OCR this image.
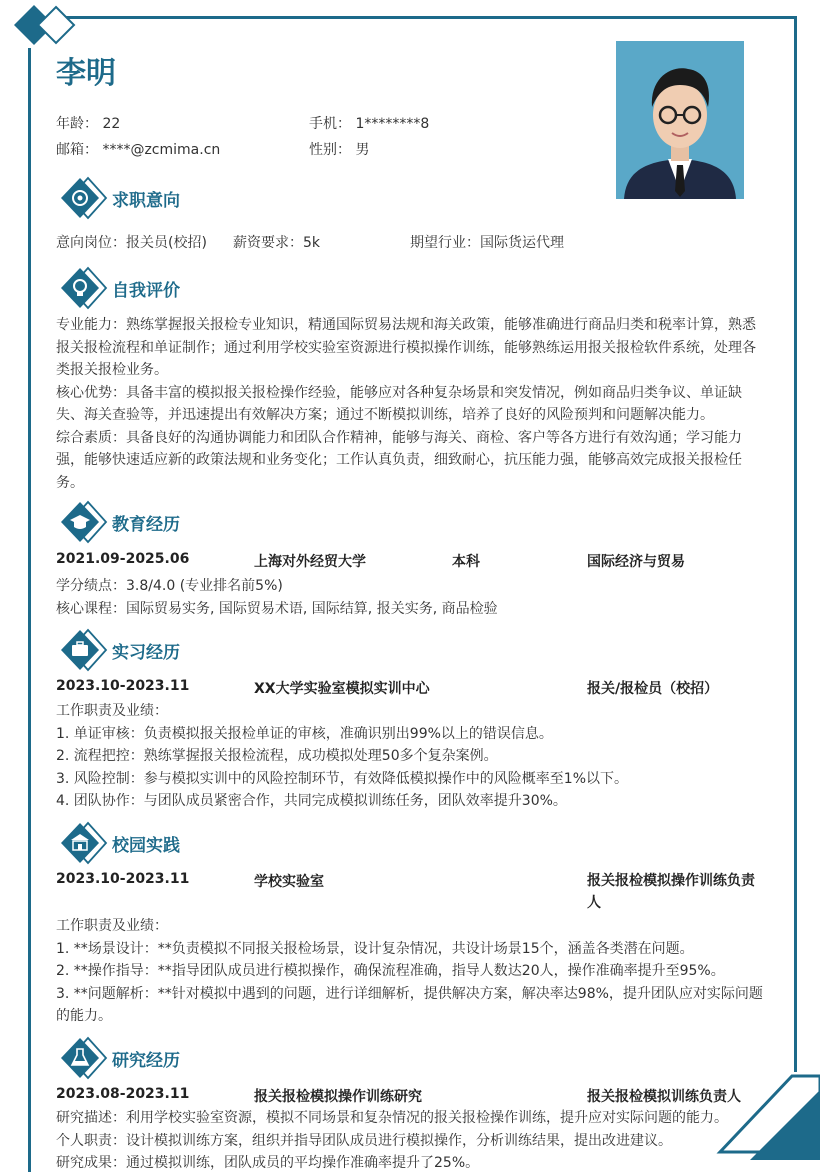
李明
年龄： 22	手机： 1********8
邮箱： ****@zcmima.cn	性别： 男
求职意向
意向岗位：报关员(校招) 薪资要求：5k	期望行业：国际货运代理
自我评价

专业能力：熟练掌握报关报检专业知识，精通国际贸易法规和海关政策，能够准确进行商品归类和税率计算，熟悉报关报检流程和单证制作；通过利用学校实验室资源进行模拟操作训练，能够熟练运用报关报检软件系统，处理各类报关报检业务。

核心优势：具备丰富的模拟报关报检操作经验，能够应对各种复杂场景和突发情况，例如商品归类争议、单证缺失、海关查验等，并迅速提出有效解决方案；通过不断模拟训练，培养了良好的风险预判和问题解决能力。

综合素质：具备良好的沟通协调能力和团队合作精神，能够与海关、商检、客户等各方进行有效沟通；学习能力强，能够快速适应新的政策法规和业务变化；工作认真负责，细致耐心，抗压能力强，能够高效完成报关报检任务。

教育经历
2021.09-2025.06	上海对外经贸大学	本科	国际经济与贸易
学分绩点：3.8/4.0 (专业排名前5%)
核心课程：国际贸易实务, 国际贸易术语, 国际结算, 报关实务, 商品检验
实习经历
2023.10-2023.11	XX大学实验室模拟实训中心	报关/报检员（校招）

工作职责及业绩：

1. 单证审核：负责模拟报关报检单证的审核，准确识别出99%以上的错误信息。

2. 流程把控：熟练掌握报关报检流程，成功模拟处理50多个复杂案例。

3. 风险控制：参与模拟实训中的风险控制环节，有效降低模拟操作中的风险概率至1%以下。

4. 团队协作：与团队成员紧密合作，共同完成模拟训练任务，团队效率提升30%。

校园实践
2023.10-2023.11	学校实验室	报关报检模拟操作训练负责人

工作职责及业绩：

1. **场景设计：**负责模拟不同报关报检场景，设计复杂情况，共设计场景15个，涵盖各类潜在问题。

2. **操作指导：**指导团队成员进行模拟操作，确保流程准确，指导人数达20人，操作准确率提升至95%。

3. **问题解析：**针对模拟中遇到的问题，进行详细解析，提供解决方案，解决率达98%，提升团队应对实际问题的能力。

研究经历
2023.08-2023.11	报关报检模拟操作训练研究	报关报检模拟训练负责人

研究描述：利用学校实验室资源，模拟不同场景和复杂情况的报关报检操作训练，提升应对实际问题的能力。

个人职责：设计模拟训练方案，组织并指导团队成员进行模拟操作，分析训练结果，提出改进建议。

研究成果：通过模拟训练，团队成员的平均操作准确率提升了25%。
